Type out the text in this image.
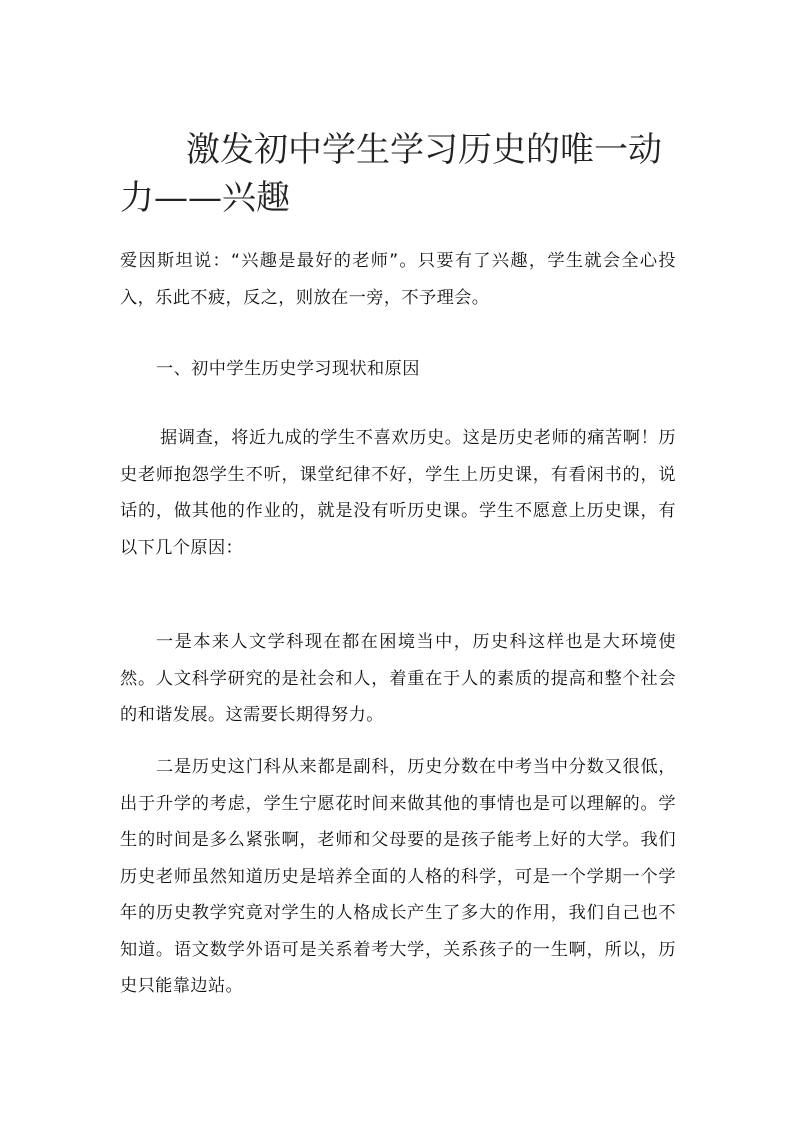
激发初中学生学习历史的唯一动力——兴趣

爱因斯坦说：“兴趣是最好的老师”。只要有了兴趣，学生就会全心投入，乐此不疲，反之，则放在一旁，不予理会。

一、初中学生历史学习现状和原因

据调查，将近九成的学生不喜欢历史。这是历史老师的痛苦啊！历史老师抱怨学生不听，课堂纪律不好，学生上历史课，有看闲书的，说话的，做其他的作业的，就是没有听历史课。学生不愿意上历史课，有以下几个原因：

一是本来人文学科现在都在困境当中，历史科这样也是大环境使然。人文科学研究的是社会和人，着重在于人的素质的提高和整个社会的和谐发展。这需要长期得努力。

二是历史这门科从来都是副科，历史分数在中考当中分数又很低，出于升学的考虑，学生宁愿花时间来做其他的事情也是可以理解的。学生的时间是多么紧张啊，老师和父母要的是孩子能考上好的大学。我们历史老师虽然知道历史是培养全面的人格的科学，可是一个学期一个学年的历史教学究竟对学生的人格成长产生了多大的作用，我们自己也不知道。语文数学外语可是关系着考大学，关系孩子的一生啊，所以，历史只能靠边站。
